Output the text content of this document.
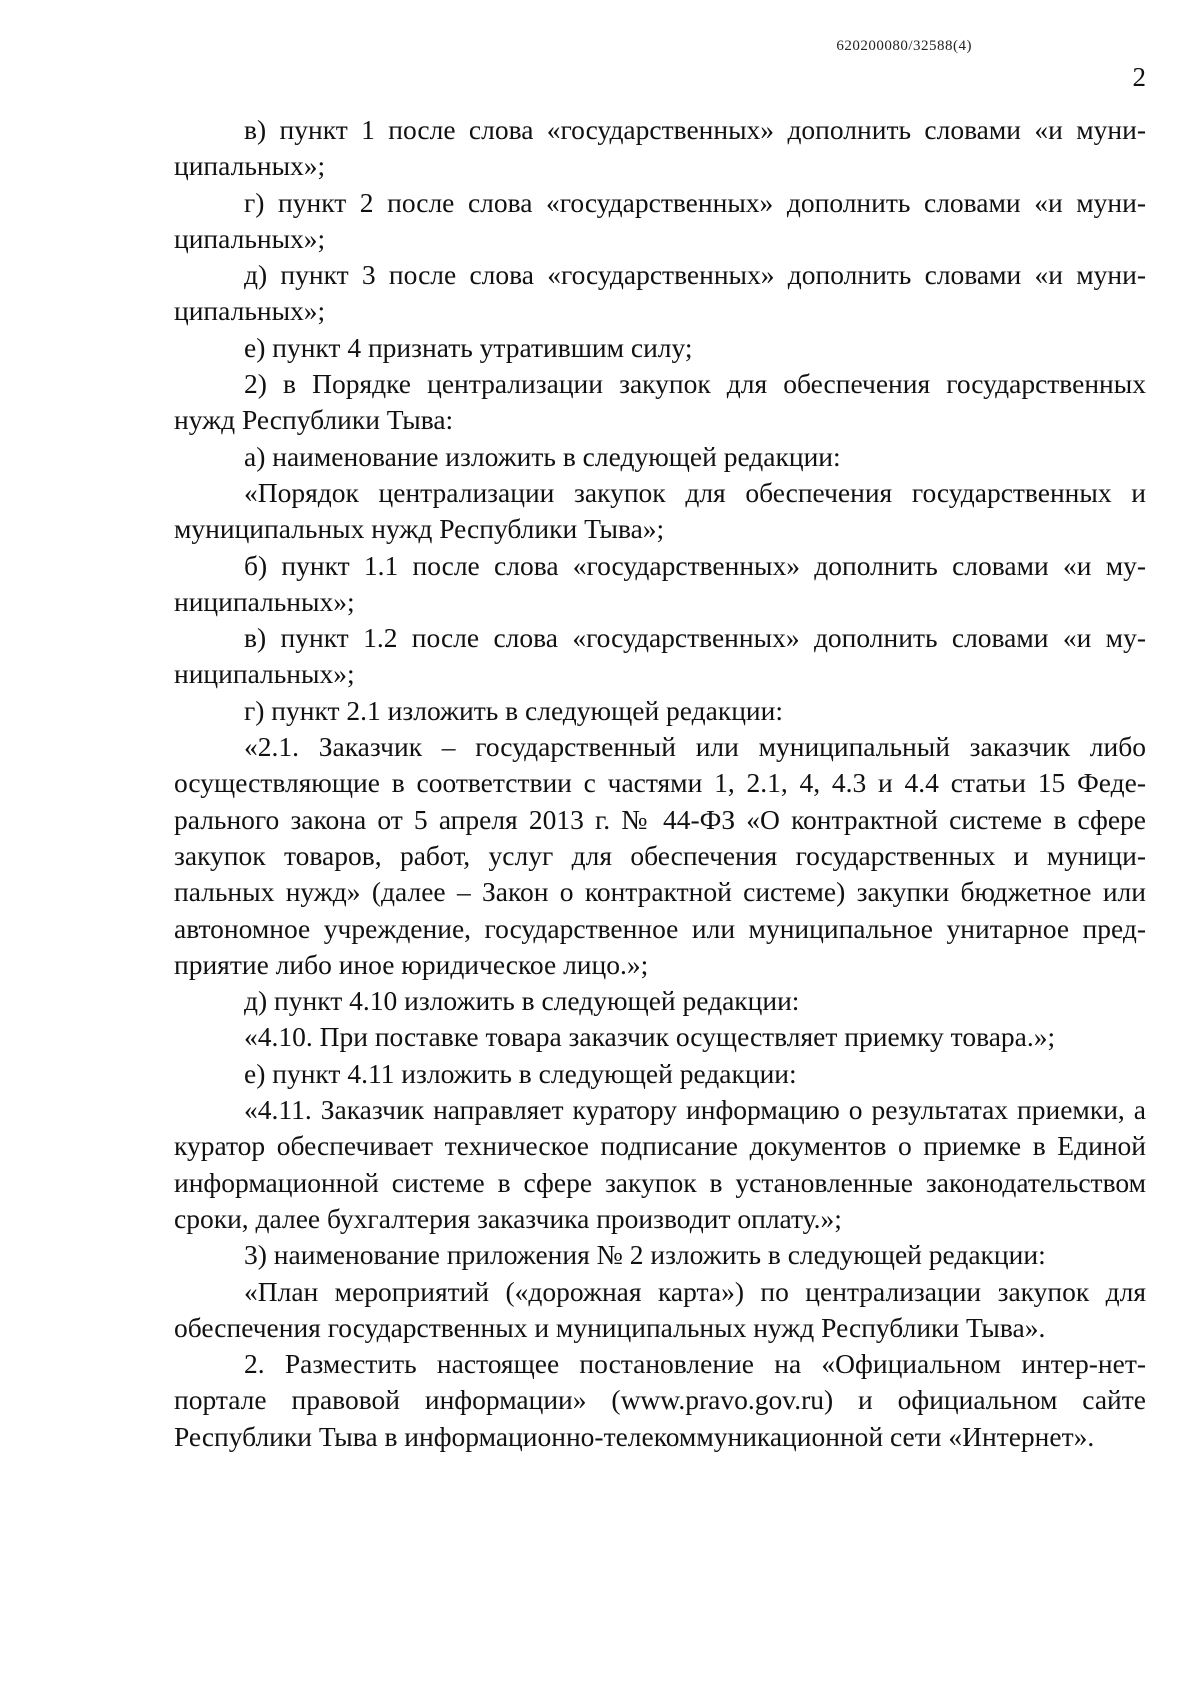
620200080/32588(4)
2

в) пункт 1 после слова «государственных» дополнить словами «и муни-ципальных»;

г) пункт 2 после слова «государственных» дополнить словами «и муни-ципальных»;

д) пункт 3 после слова «государственных» дополнить словами «и муни-ципальных»;

е) пункт 4 признать утратившим силу;

2) в Порядке централизации закупок для обеспечения государственных нужд Республики Тыва:

а) наименование изложить в следующей редакции:

«Порядок централизации закупок для обеспечения государственных и муниципальных нужд Республики Тыва»;

б) пункт 1.1 после слова «государственных» дополнить словами «и му-ниципальных»;

в) пункт 1.2 после слова «государственных» дополнить словами «и му-ниципальных»;

г) пункт 2.1 изложить в следующей редакции:

«2.1. Заказчик – государственный или муниципальный заказчик либо осуществляющие в соответствии с частями 1, 2.1, 4, 4.3 и 4.4 статьи 15 Феде-рального закона от 5 апреля 2013 г. № 44-ФЗ «О контрактной системе в сфере закупок товаров, работ, услуг для обеспечения государственных и муници-пальных нужд» (далее – Закон о контрактной системе) закупки бюджетное или автономное учреждение, государственное или муниципальное унитарное пред-приятие либо иное юридическое лицо.»;

д) пункт 4.10 изложить в следующей редакции:

«4.10. При поставке товара заказчик осуществляет приемку товара.»;

е) пункт 4.11 изложить в следующей редакции:

«4.11. Заказчик направляет куратору информацию о результатах приемки, а куратор обеспечивает техническое подписание документов о приемке в Единой информационной системе в сфере закупок в установленные законодательством сроки, далее бухгалтерия заказчика производит оплату.»;

3) наименование приложения № 2 изложить в следующей редакции:

«План мероприятий («дорожная карта») по централизации закупок для обеспечения государственных и муниципальных нужд Республики Тыва».

2. Разместить настоящее постановление на «Официальном интер-нет-портале правовой информации» (www.pravo.gov.ru) и официальном сайте Республики Тыва в информационно-телекоммуникационной сети «Интернет».
